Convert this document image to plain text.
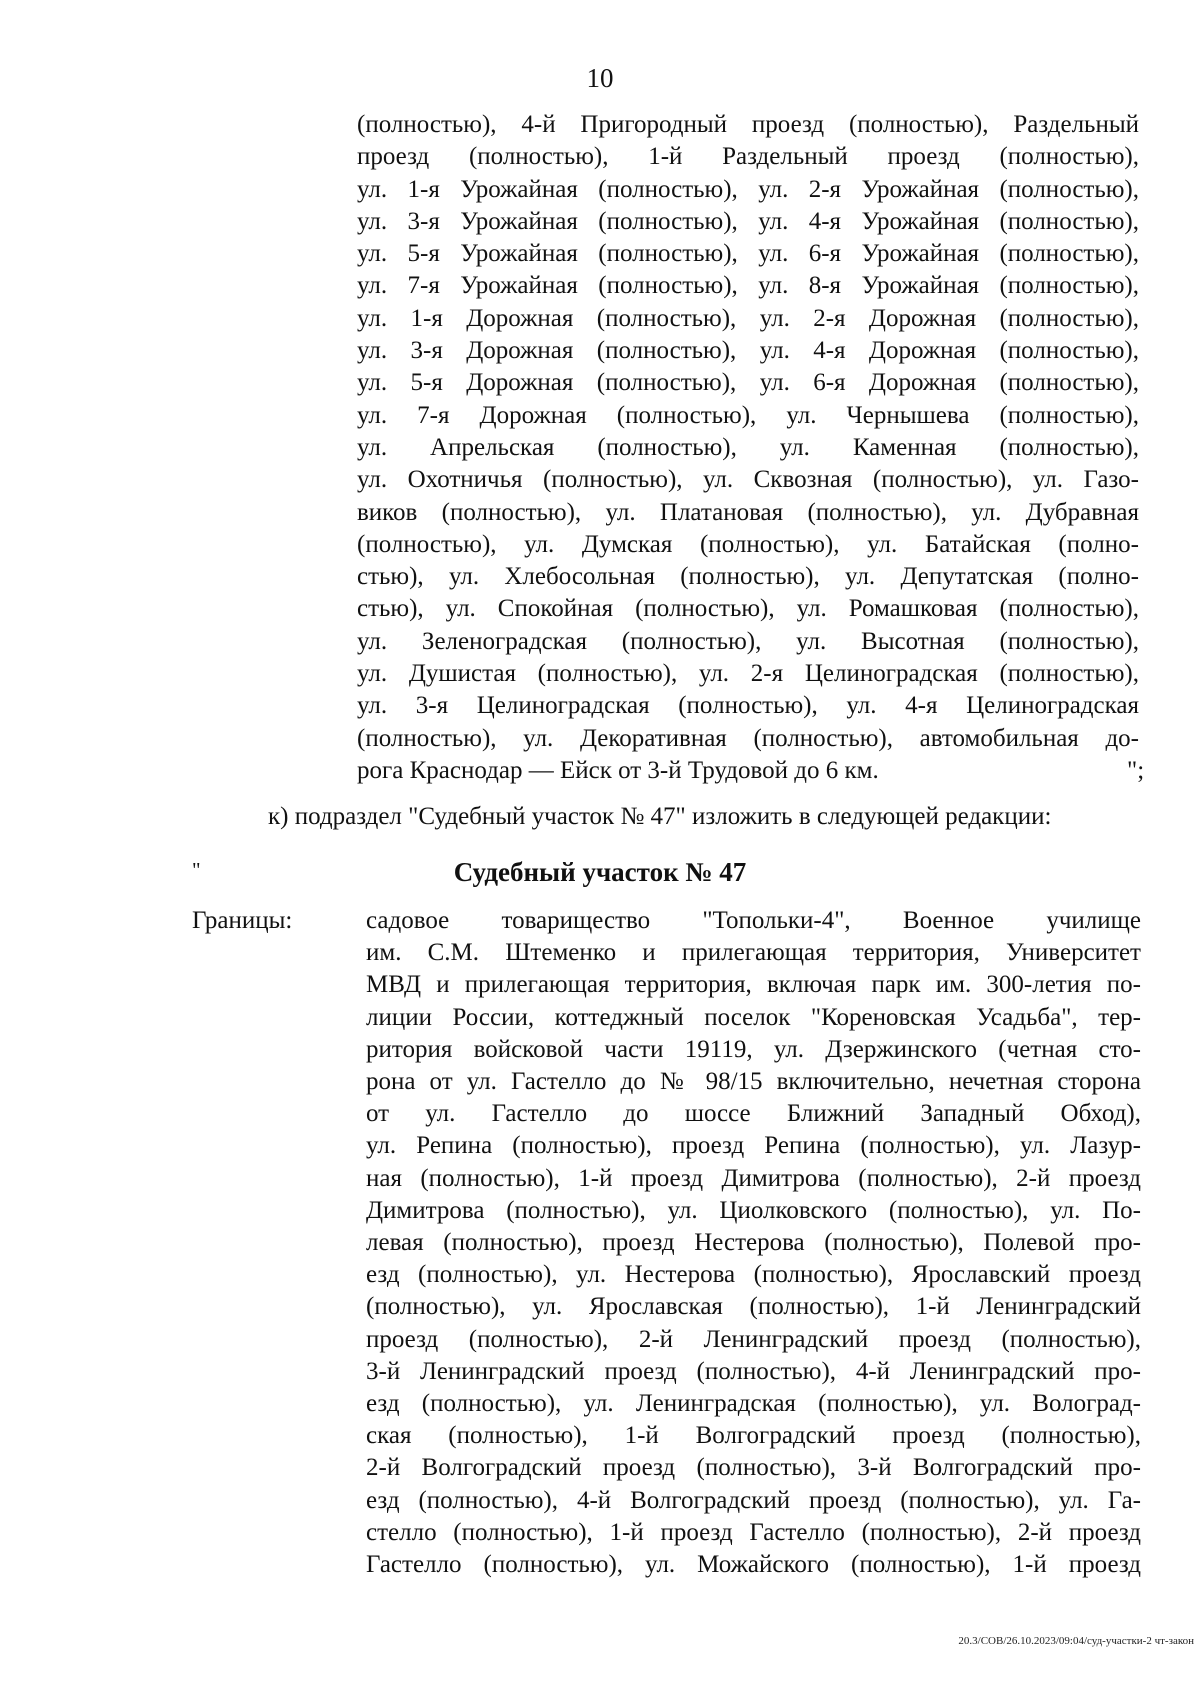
10
(полностью), 4-й Пригородный проезд (полностью), Раздельный
проезд (полностью), 1-й Раздельный проезд (полностью),
ул. 1-я Урожайная (полностью), ул. 2-я Урожайная (полностью),
ул. 3-я Урожайная (полностью), ул. 4-я Урожайная (полностью),
ул. 5-я Урожайная (полностью), ул. 6-я Урожайная (полностью),
ул. 7-я Урожайная (полностью), ул. 8-я Урожайная (полностью),
ул. 1-я Дорожная (полностью), ул. 2-я Дорожная (полностью),
ул. 3-я Дорожная (полностью), ул. 4-я Дорожная (полностью),
ул. 5-я Дорожная (полностью), ул. 6-я Дорожная (полностью),
ул. 7-я Дорожная (полностью), ул. Чернышева (полностью),
ул. Апрельская (полностью), ул. Каменная (полностью),
ул. Охотничья (полностью), ул. Сквозная (полностью), ул. Газо-
виков (полностью), ул. Платановая (полностью), ул. Дубравная
(полностью), ул. Думская (полностью), ул. Батайская (полно-
стью), ул. Хлебосольная (полностью), ул. Депутатская (полно-
стью), ул. Спокойная (полностью), ул. Ромашковая (полностью),
ул. Зеленоградская (полностью), ул. Высотная (полностью),
ул. Душистая (полностью), ул. 2-я Целиноградская (полностью),
ул. 3-я Целиноградская (полностью), ул. 4-я Целиноградская
(полностью), ул. Декоративная (полностью), автомобильная до-
рога Краснодар — Ейск от 3-й Трудовой до 6 км.	";
к) подраздел "Судебный участок № 47" изложить в следующей редакции:
"	Судебный участок № 47
Границы:	садовое товарищество "Топольки-4", Военное училище
им. С.М. Штеменко и прилегающая территория, Университет
МВД и прилегающая территория, включая парк им. 300-летия по-
лиции России, коттеджный поселок "Кореновская Усадьба", тер-
ритория войсковой части 19119, ул. Дзержинского (четная сто-
рона от ул. Гастелло до № 98/15 включительно, нечетная сторона
от ул. Гастелло до шоссе Ближний Западный Обход),
ул. Репина (полностью), проезд Репина (полностью), ул. Лазур-
ная (полностью), 1-й проезд Димитрова (полностью), 2-й проезд
Димитрова (полностью), ул. Циолковского (полностью), ул. По-
левая (полностью), проезд Нестерова (полностью), Полевой про-
езд (полностью), ул. Нестерова (полностью), Ярославский проезд
(полностью), ул. Ярославская (полностью), 1-й Ленинградский
проезд (полностью), 2-й Ленинградский проезд (полностью),
3-й Ленинградский проезд (полностью), 4-й Ленинградский про-
езд (полностью), ул. Ленинградская (полностью), ул. Волоград-
ская (полностью), 1-й Волгоградский проезд (полностью),
2-й Волгоградский проезд (полностью), 3-й Волгоградский про-
езд (полностью), 4-й Волгоградский проезд (полностью), ул. Га-
стелло (полностью), 1-й проезд Гастелло (полностью), 2-й проезд
Гастелло (полностью), ул. Можайского (полностью), 1-й проезд
20.3/СОВ/26.10.2023/09:04/суд-участки-2 чт-закон
